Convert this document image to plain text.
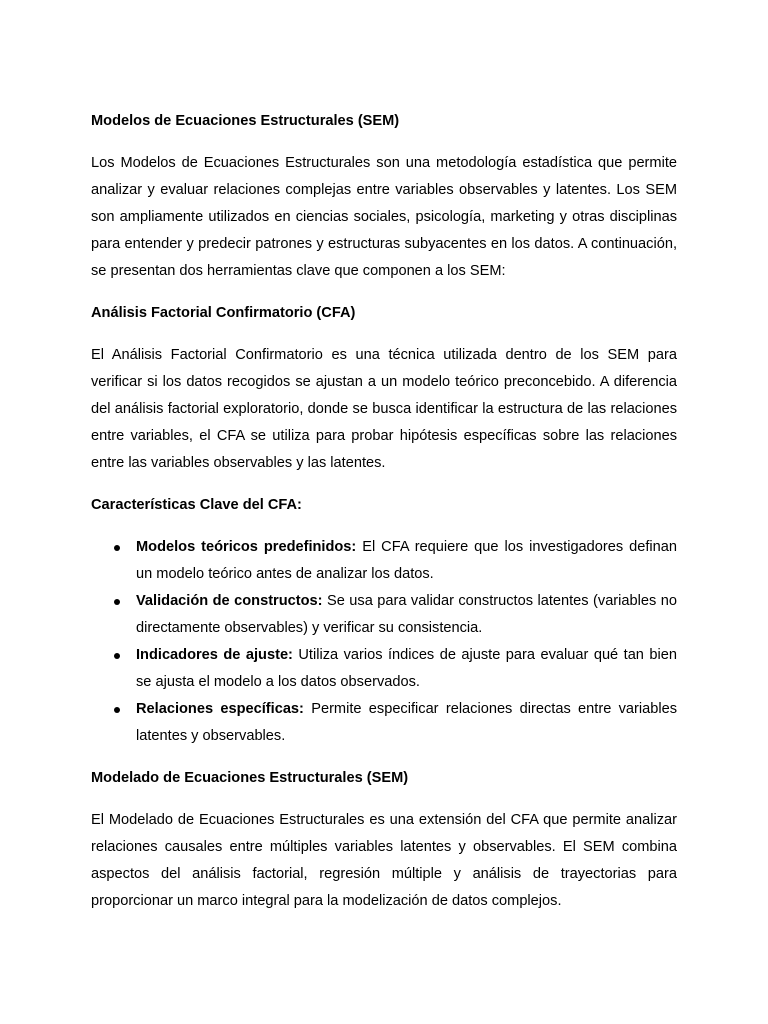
Modelos de Ecuaciones Estructurales (SEM)

Los Modelos de Ecuaciones Estructurales son una metodología estadística que permite analizar y evaluar relaciones complejas entre variables observables y latentes. Los SEM son ampliamente utilizados en ciencias sociales, psicología, marketing y otras disciplinas para entender y predecir patrones y estructuras subyacentes en los datos. A continuación, se presentan dos herramientas clave que componen a los SEM:

Análisis Factorial Confirmatorio (CFA)

El Análisis Factorial Confirmatorio es una técnica utilizada dentro de los SEM para verificar si los datos recogidos se ajustan a un modelo teórico preconcebido. A diferencia del análisis factorial exploratorio, donde se busca identificar la estructura de las relaciones entre variables, el CFA se utiliza para probar hipótesis específicas sobre las relaciones entre las variables observables y las latentes.

Características Clave del CFA:

Modelos teóricos predefinidos: El CFA requiere que los investigadores definan un modelo teórico antes de analizar los datos.
Validación de constructos: Se usa para validar constructos latentes (variables no directamente observables) y verificar su consistencia.
Indicadores de ajuste: Utiliza varios índices de ajuste para evaluar qué tan bien se ajusta el modelo a los datos observados.
Relaciones específicas: Permite especificar relaciones directas entre variables latentes y observables.

Modelado de Ecuaciones Estructurales (SEM)

El Modelado de Ecuaciones Estructurales es una extensión del CFA que permite analizar relaciones causales entre múltiples variables latentes y observables. El SEM combina aspectos del análisis factorial, regresión múltiple y análisis de trayectorias para proporcionar un marco integral para la modelización de datos complejos.
